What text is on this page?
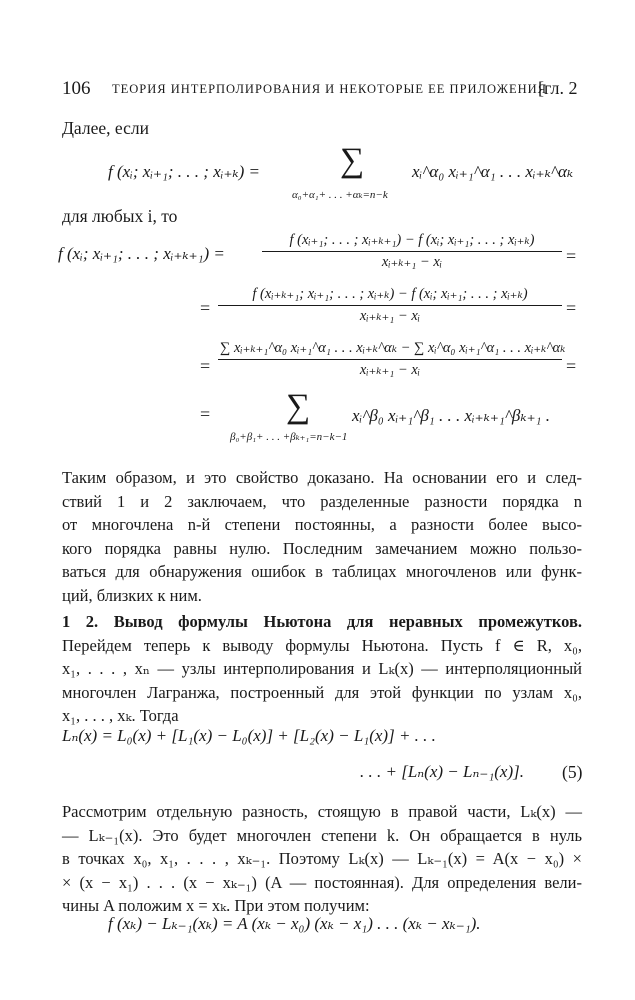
106 ТЕОРИЯ ИНТЕРПОЛИРОВАНИЯ И НЕКОТОРЫЕ ЕЕ ПРИЛОЖЕНИЯ
[гл. 2
Далее, если
f (xᵢ; xᵢ₊₁; . . . ; xᵢ₊ₖ) = ∑
α₀+α₁+ . . . +αₖ=n−k
xᵢ^α₀ xᵢ₊₁^α₁ . . . xᵢ₊ₖ^αₖ
для любых i, то
f (xᵢ; xᵢ₊₁; . . . ; xᵢ₊ₖ₊₁) =	$\frac{\text{f (xᵢ₊₁; . . . ; xᵢ₊ₖ₊₁) − f (xᵢ; xᵢ₊₁; . . . ; xᵢ₊ₖ)}}{\text{xᵢ₊ₖ₊₁ − xᵢ}}$ =
= $\frac{\text{f (xᵢ₊ₖ₊₁; xᵢ₊₁; . . . ; xᵢ₊ₖ) − f (xᵢ; xᵢ₊₁; . . . ; xᵢ₊ₖ)}}{\text{xᵢ₊ₖ₊₁ − xᵢ}}$ =
=
∑ xᵢ₊ₖ₊₁^α₀ xᵢ₊₁^α₁ . . . xᵢ₊ₖ^αₖ − ∑ xᵢ^α₀ xᵢ₊₁^α₁ . . . xᵢ₊ₖ^αₖ
xᵢ₊ₖ₊₁ − xᵢ	=
= ∑
β₀+β₁+ . . . +βₖ₊₁=n−k−1
xᵢ^β₀ xᵢ₊₁^β₁ . . . xᵢ₊ₖ₊₁^βₖ₊₁ .
Таким образом, и это свойство доказано. На основании его и след-
ствий 1 и 2 заключаем, что разделенные разности порядка n
от многочлена n-й степени постоянны, а разности более высо-
кого порядка равны нулю. Последним замечанием можно пользо-
ваться для обнаружения ошибок в таблицах многочленов или функ-
ций, близких к ним.
1 2. Вывод формулы Ньютона для неравных промежутков.
Перейдем теперь к выводу формулы Ньютона. Пусть f ∈ R, x₀,
x₁, . . . , xₙ — узлы интерполирования и Lₖ(x) — интерполяционный
многочлен Лагранжа, построенный для этой функции по узлам x₀,
x₁, . . . , xₖ. Тогда
Lₙ(x) = L₀(x) + [L₁(x) − L₀(x)] + [L₂(x) − L₁(x)] + . . .
. . . + [Lₙ(x) − Lₙ₋₁(x)]. (5)
Рассмотрим отдельную разность, стоящую в правой части, Lₖ(x) —
— Lₖ₋₁(x). Это будет многочлен степени k. Он обращается в нуль
в точках x₀, x₁, . . . , xₖ₋₁. Поэтому Lₖ(x) — Lₖ₋₁(x) = A(x − x₀) ×
× (x − x₁) . . . (x − xₖ₋₁) (A — постоянная). Для определения вели-
чины A положим x = xₖ. При этом получим:
f (xₖ) − Lₖ₋₁(xₖ) = A (xₖ − x₀) (xₖ − x₁) . . . (xₖ − xₖ₋₁).
